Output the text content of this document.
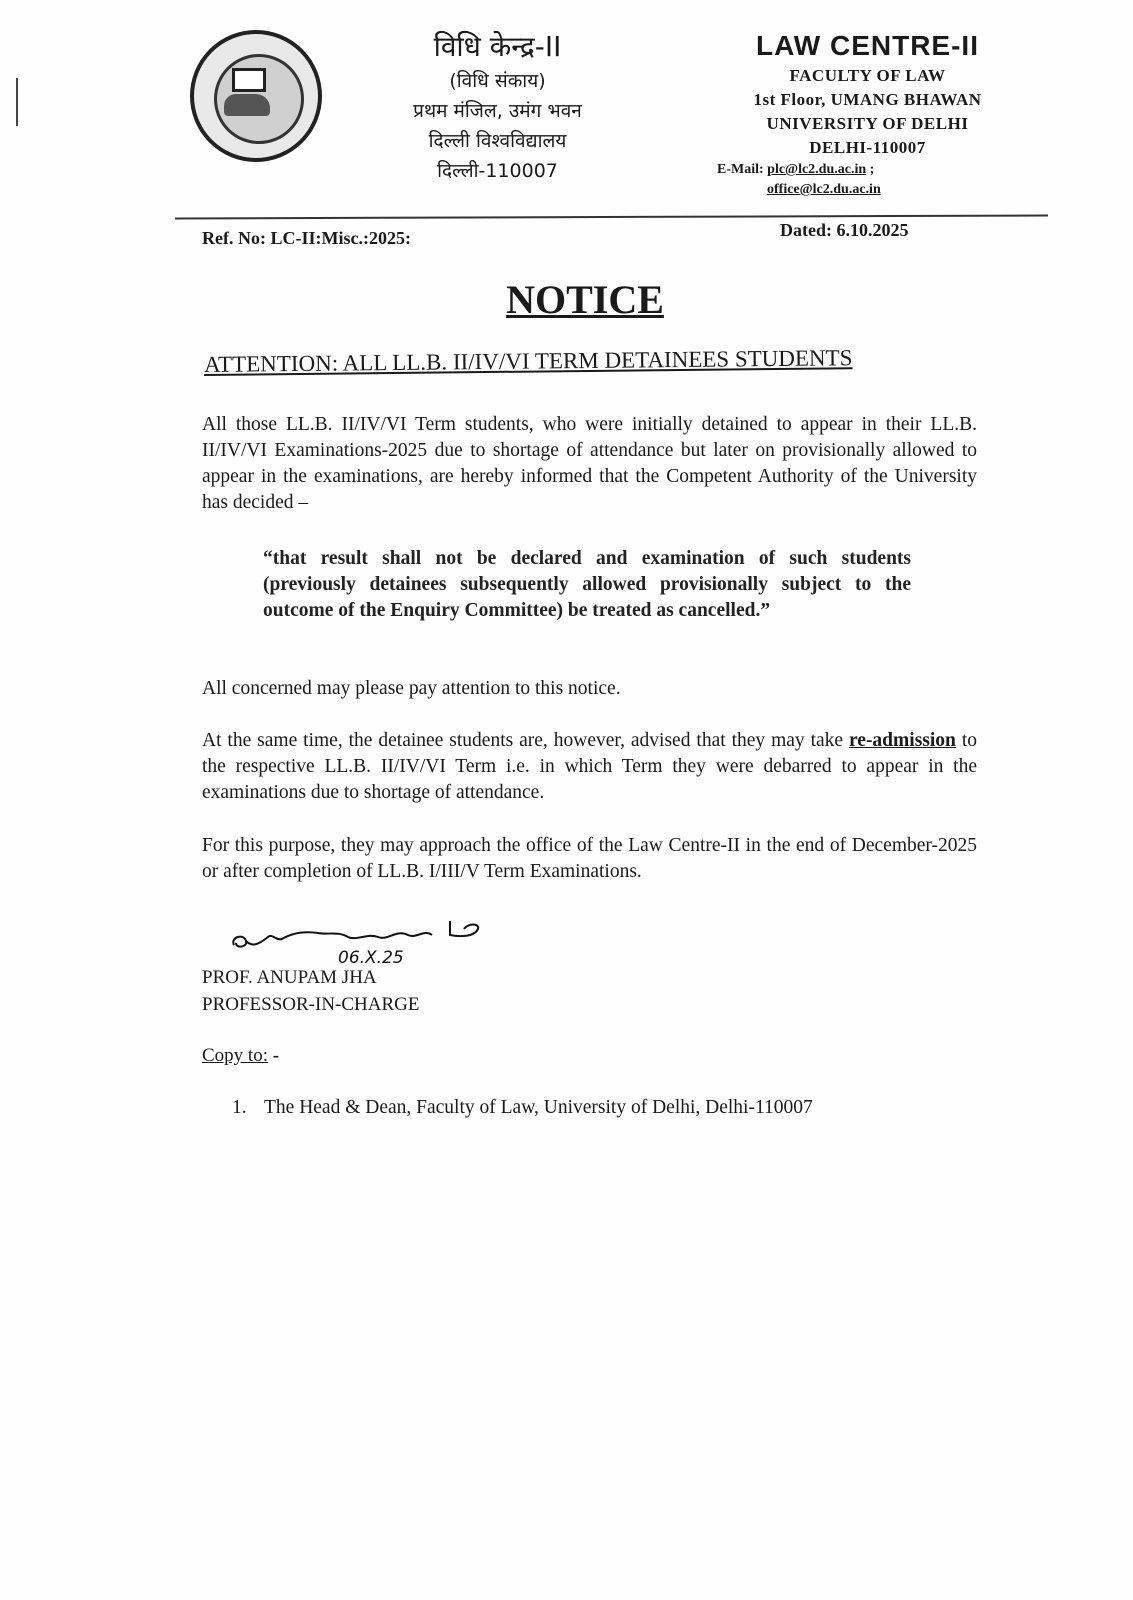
विधि केन्द्र-II
(विधि संकाय)
प्रथम मंजिल, उमंग भवन
दिल्ली विश्वविद्यालय
दिल्ली-110007
LAW CENTRE-II
FACULTY OF LAW
1st Floor, UMANG BHAWAN
UNIVERSITY OF DELHI
DELHI-110007
E-Mail: plc@lc2.du.ac.in ;
office@lc2.du.ac.in
Ref. No: LC-II:Misc.:2025:	Dated: 6.10.2025
NOTICE
ATTENTION: ALL LL.B. II/IV/VI TERM DETAINEES STUDENTS
All those LL.B. II/IV/VI Term students, who were initially detained to appear in their LL.B. II/IV/VI Examinations-2025 due to shortage of attendance but later on provisionally allowed to appear in the examinations, are hereby informed that the Competent Authority of the University has decided –
“that result shall not be declared and examination of such students (previously detainees subsequently allowed provisionally subject to the outcome of the Enquiry Committee) be treated as cancelled.”
All concerned may please pay attention to this notice.
At the same time, the detainee students are, however, advised that they may take re-admission to the respective LL.B. II/IV/VI Term i.e. in which Term they were debarred to appear in the examinations due to shortage of attendance.
For this purpose, they may approach the office of the Law Centre-II in the end of December-2025 or after completion of LL.B. I/III/V Term Examinations.
06.X.25
PROF. ANUPAM JHA
PROFESSOR-IN-CHARGE
Copy to: -
1. The Head & Dean, Faculty of Law, University of Delhi, Delhi-110007
